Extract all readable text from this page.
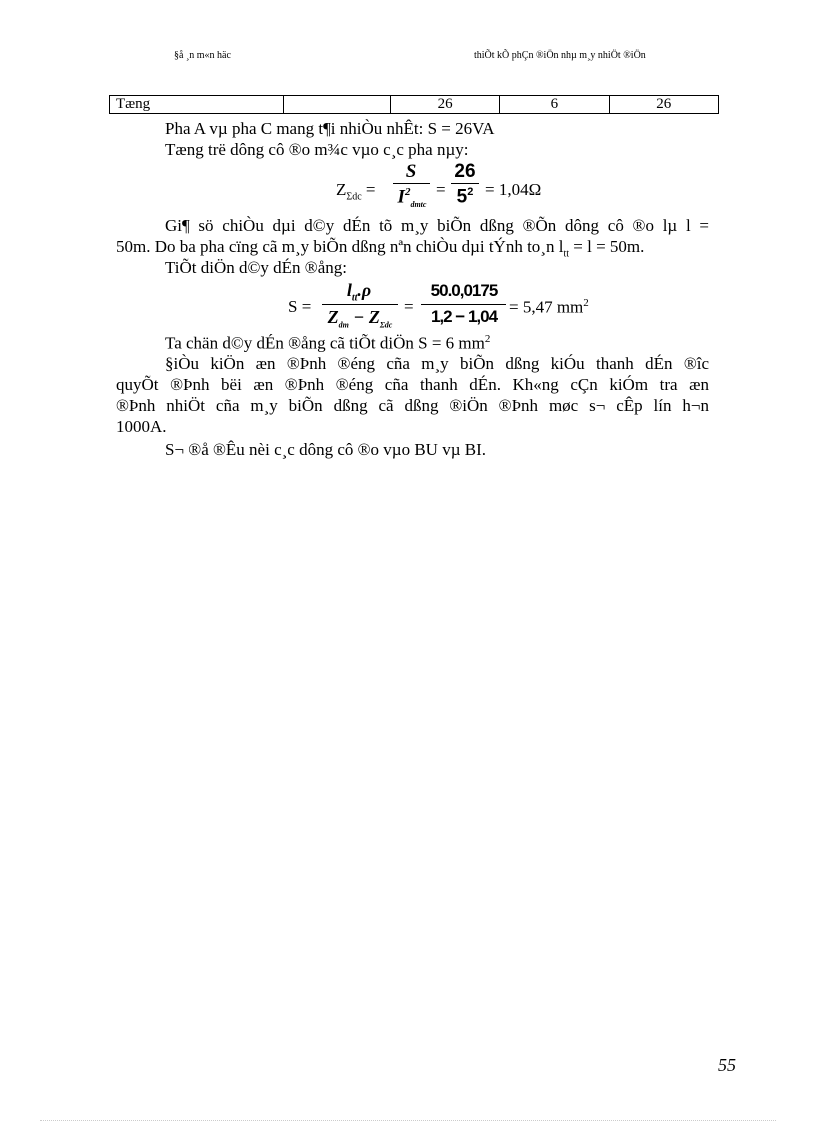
§å ¸n m«n häc	thiÕt kÕ phÇn ®iÖn nhµ m¸y nhiÖt ®iÖn
Tæng		26	6	26
Pha A vµ pha C mang t¶i nhiÒu nhÊt: S = 26VA
Tæng trë dông cô ®o m¾c vµo c¸c pha nµy:
$Z_{\Sigma dc}$ =
S
$I^2_{dmtc}$
=
26
$5^2 = 1,04\Omega$
Gi¶ sö chiÒu dµi d©y dÉn tõ m¸y biÕn dßng ®Õn dông cô ®o lµ l =
50m. Do ba pha cïng cã m¸y biÕn dßng nªn chiÒu dµi tÝnh to¸n $l_{tt} = l = 50m$.
TiÕt diÖn d©y dÉn ®ång:
S =
$l_{tt}.\rho$
$Z_{dm} - Z_{\Sigma dc}$
=
50.0,0175
1,2 − 1,04 = 5,47 $mm^2$
Ta chän d©y dÉn ®ång cã tiÕt diÖn S = 6 $mm^2$
§iÒu kiÖn æn ®Þnh ®éng cña m¸y biÕn dßng kiÓu thanh dÉn ®îc
quyÕt ®Þnh bëi æn ®Þnh ®éng cña thanh dÉn. Kh«ng cÇn kiÓm tra æn
®Þnh nhiÖt cña m¸y biÕn dßng cã dßng ®iÖn ®Þnh møc s¬ cÊp lín h¬n
1000A.
S¬ ®å ®Êu nèi c¸c dông cô ®o vµo BU vµ BI.
55
